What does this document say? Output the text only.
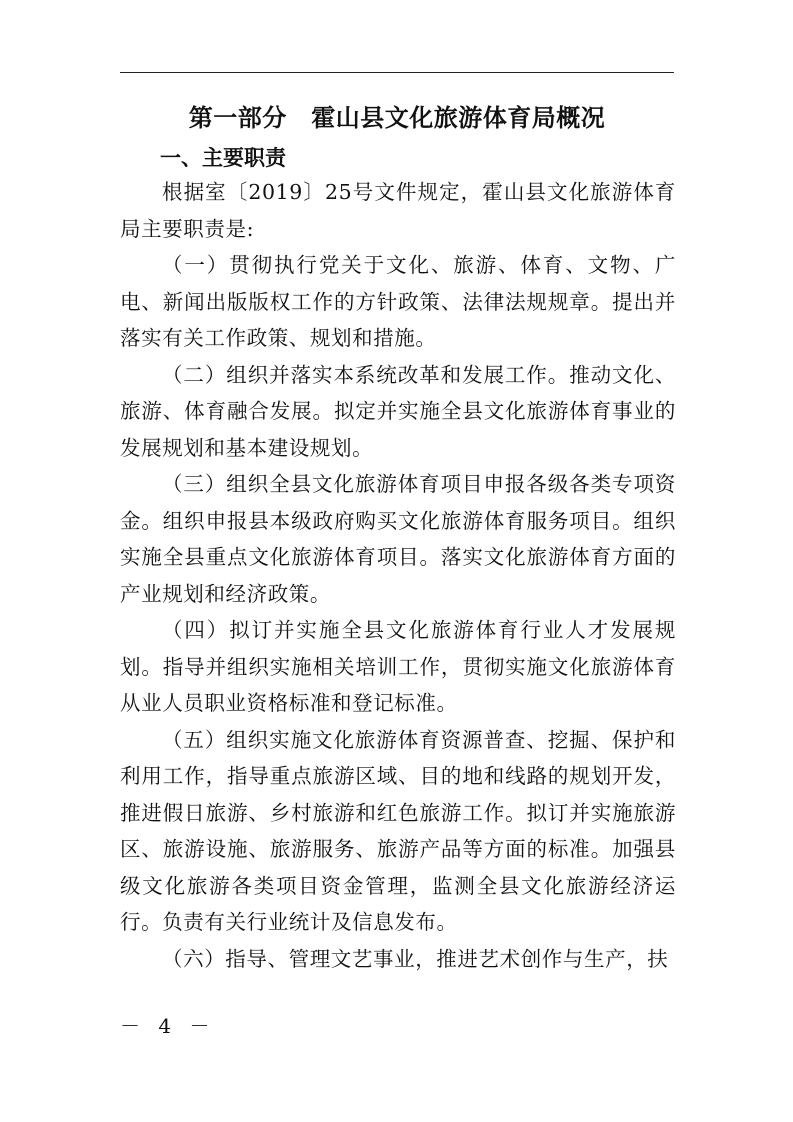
第一部分　霍山县文化旅游体育局概况
一、主要职责

根据室〔2019〕25号文件规定，霍山县文化旅游体育局主要职责是:

（一）贯彻执行党关于文化、旅游、体育、文物、广电、新闻出版版权工作的方针政策、法律法规规章。提出并落实有关工作政策、规划和措施。

（二）组织并落实本系统改革和发展工作。推动文化、旅游、体育融合发展。拟定并实施全县文化旅游体育事业的发展规划和基本建设规划。

（三）组织全县文化旅游体育项目申报各级各类专项资金。组织申报县本级政府购买文化旅游体育服务项目。组织实施全县重点文化旅游体育项目。落实文化旅游体育方面的产业规划和经济政策。

（四）拟订并实施全县文化旅游体育行业人才发展规划。指导并组织实施相关培训工作，贯彻实施文化旅游体育从业人员职业资格标准和登记标准。

（五）组织实施文化旅游体育资源普查、挖掘、保护和利用工作，指导重点旅游区域、目的地和线路的规划开发，推进假日旅游、乡村旅游和红色旅游工作。拟订并实施旅游区、旅游设施、旅游服务、旅游产品等方面的标准。加强县级文化旅游各类项目资金管理，监测全县文化旅游经济运行。负责有关行业统计及信息发布。

（六）指导、管理文艺事业，推进艺术创作与生产，扶

－ 4 －
